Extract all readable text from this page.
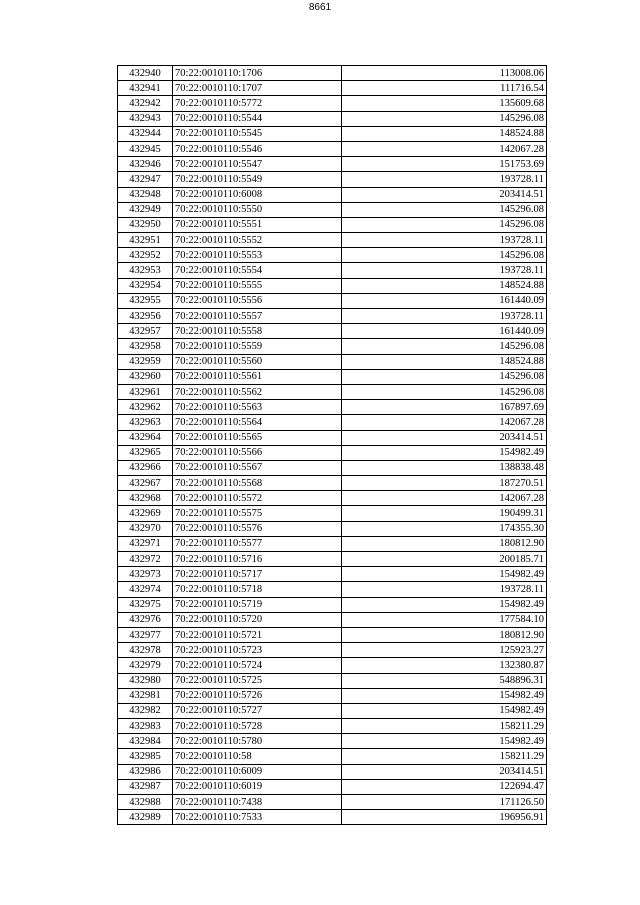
8661
432940	70:22:0010110:1706	113008.06
432941	70:22:0010110:1707	111716.54
432942	70:22:0010110:5772	135609.68
432943	70:22:0010110:5544	145296.08
432944	70:22:0010110:5545	148524.88
432945	70:22:0010110:5546	142067.28
432946	70:22:0010110:5547	151753.69
432947	70:22:0010110:5549	193728.11
432948	70:22:0010110:6008	203414.51
432949	70:22:0010110:5550	145296.08
432950	70:22:0010110:5551	145296.08
432951	70:22:0010110:5552	193728.11
432952	70:22:0010110:5553	145296.08
432953	70:22:0010110:5554	193728.11
432954	70:22:0010110:5555	148524.88
432955	70:22:0010110:5556	161440.09
432956	70:22:0010110:5557	193728.11
432957	70:22:0010110:5558	161440.09
432958	70:22:0010110:5559	145296.08
432959	70:22:0010110:5560	148524.88
432960	70:22:0010110:5561	145296.08
432961	70:22:0010110:5562	145296.08
432962	70:22:0010110:5563	167897.69
432963	70:22:0010110:5564	142067.28
432964	70:22:0010110:5565	203414.51
432965	70:22:0010110:5566	154982.49
432966	70:22:0010110:5567	138838.48
432967	70:22:0010110:5568	187270.51
432968	70:22:0010110:5572	142067.28
432969	70:22:0010110:5575	190499.31
432970	70:22:0010110:5576	174355.30
432971	70:22:0010110:5577	180812.90
432972	70:22:0010110:5716	200185.71
432973	70:22:0010110:5717	154982.49
432974	70:22:0010110:5718	193728.11
432975	70:22:0010110:5719	154982.49
432976	70:22:0010110:5720	177584.10
432977	70:22:0010110:5721	180812.90
432978	70:22:0010110:5723	125923.27
432979	70:22:0010110:5724	132380.87
432980	70:22:0010110:5725	548896.31
432981	70:22:0010110:5726	154982.49
432982	70:22:0010110:5727	154982.49
432983	70:22:0010110:5728	158211.29
432984	70:22:0010110:5780	154982.49
432985	70:22:0010110:58	158211.29
432986	70:22:0010110:6009	203414.51
432987	70:22:0010110:6019	122694.47
432988	70:22:0010110:7438	171126.50
432989	70:22:0010110:7533	196956.91
